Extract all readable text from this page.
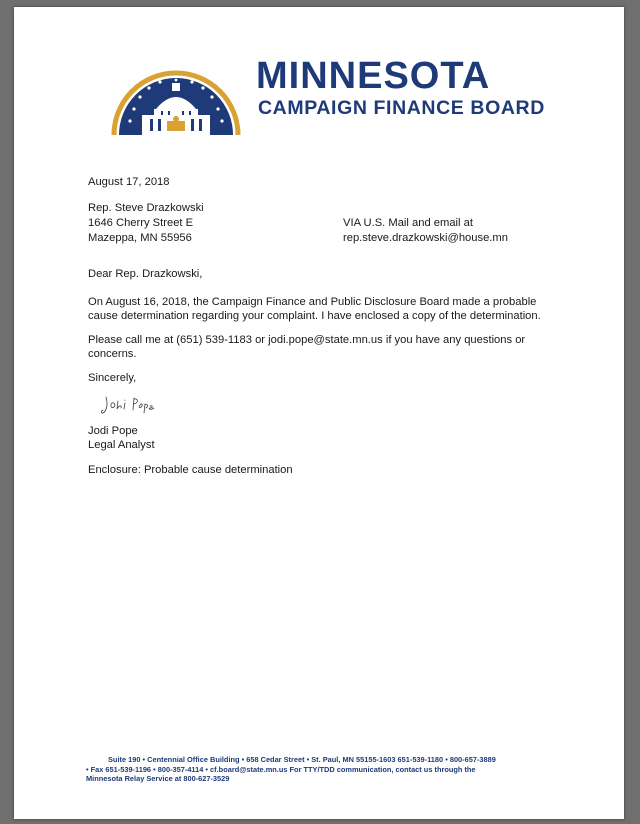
MINNESOTA
CAMPAIGN FINANCE BOARD
August 17, 2018
Rep. Steve Drazkowski
1646 Cherry Street E
Mazeppa, MN 55956
VIA U.S. Mail and email at
rep.steve.drazkowski@house.mn
Dear Rep. Drazkowski,
On August 16, 2018, the Campaign Finance and Public Disclosure Board made a probable cause determination regarding your complaint. I have enclosed a copy of the determination.
Please call me at (651) 539-1183 or jodi.pope@state.mn.us if you have any questions or concerns.
Sincerely,
Jodi Pope
Legal Analyst
Enclosure: Probable cause determination
Suite 190 • Centennial Office Building • 658 Cedar Street • St. Paul, MN 55155-1603 651-539-1180 • 800-657-3889
• Fax 651-539-1196 • 800-357-4114 • cf.board@state.mn.us For TTY/TDD communication, contact us through the
Minnesota Relay Service at 800-627-3529
